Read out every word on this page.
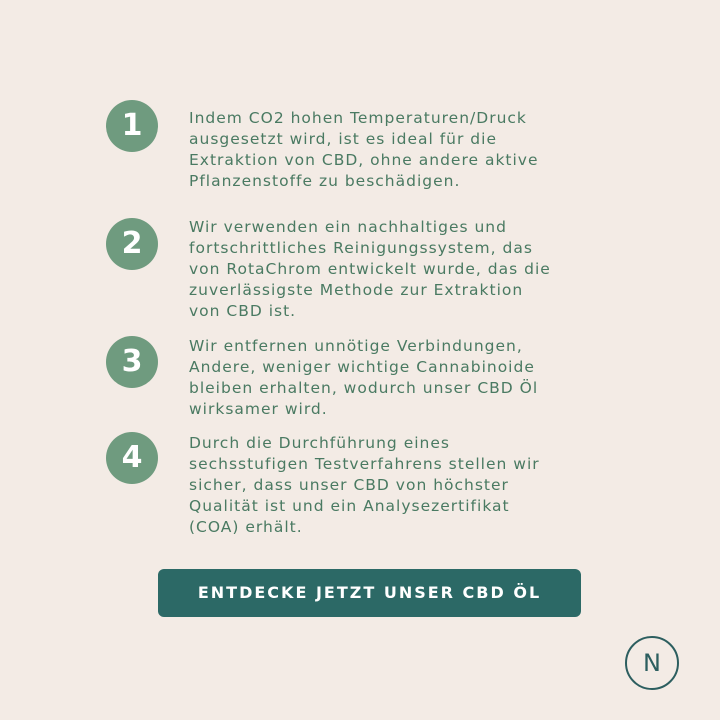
1	Indem CO2 hohen Temperaturen/Druck
ausgesetzt wird, ist es ideal für die
Extraktion von CBD, ohne andere aktive
Pflanzenstoffe zu beschädigen.

2	Wir verwenden ein nachhaltiges und
fortschrittliches Reinigungssystem, das
von RotaChrom entwickelt wurde, das die
zuverlässigste Methode zur Extraktion
von CBD ist.

3	Wir entfernen unnötige Verbindungen,
Andere, weniger wichtige Cannabinoide
bleiben erhalten, wodurch unser CBD Öl
wirksamer wird.

4	Durch die Durchführung eines
sechsstufigen Testverfahrens stellen wir
sicher, dass unser CBD von höchster
Qualität ist und ein Analysezertifikat
(COA) erhält.

ENTDECKE JETZT UNSER CBD ÖL
N
